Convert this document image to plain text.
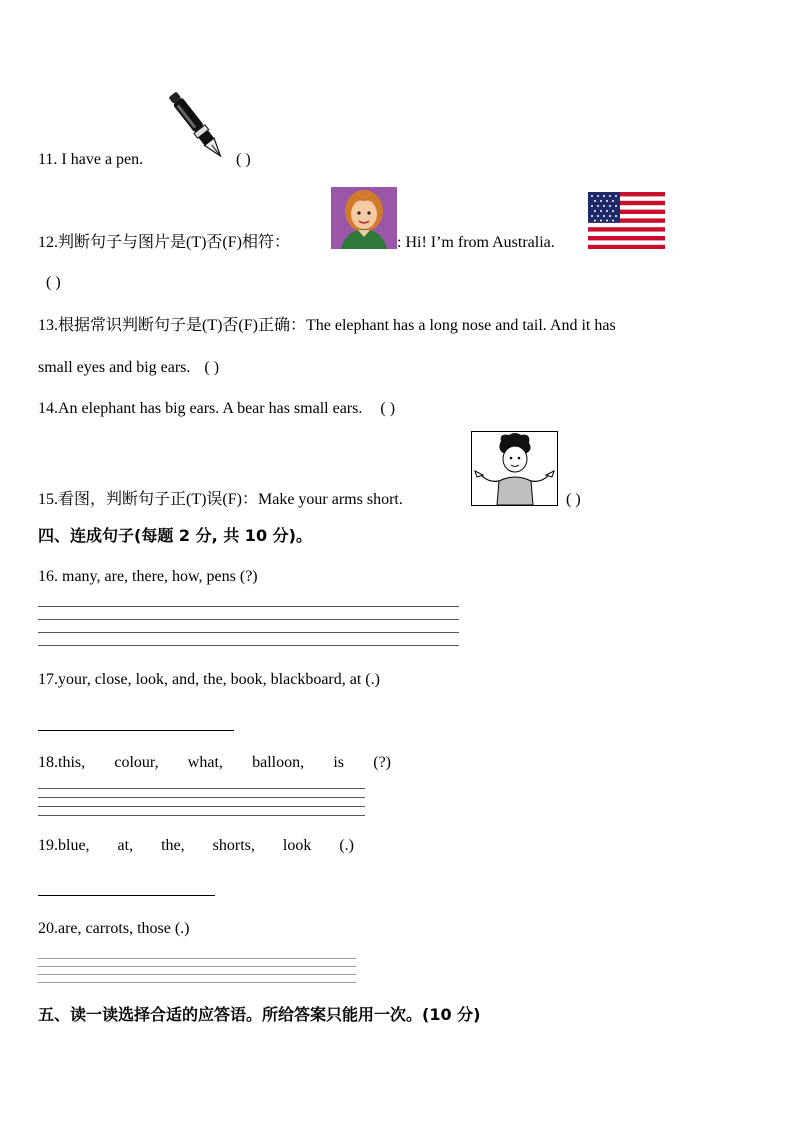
11. I have a pen.	( )
12.判断句子与图片是(T)否(F)相符：	: Hi! I’m from Australia.
( )
13.根据常识判断句子是(T)否(F)正确：The elephant has a long nose and tail. And it has
small eyes and big ears. ( )
14.An elephant has big ears. A bear has small ears. ( )
15.看图，判断句子正(T)误(F)：Make your arms short.	( )
四、连成句子(每题 2 分, 共 10 分)。
16. many, are, there, how, pens (?)
17.your, close, look, and, the, book, blackboard, at (.)
18.this, colour, what, balloon, is (?)
19.blue, at, the, shorts, look (.)
20.are, carrots, those (.)
五、读一读选择合适的应答语。所给答案只能用一次。(10 分)
